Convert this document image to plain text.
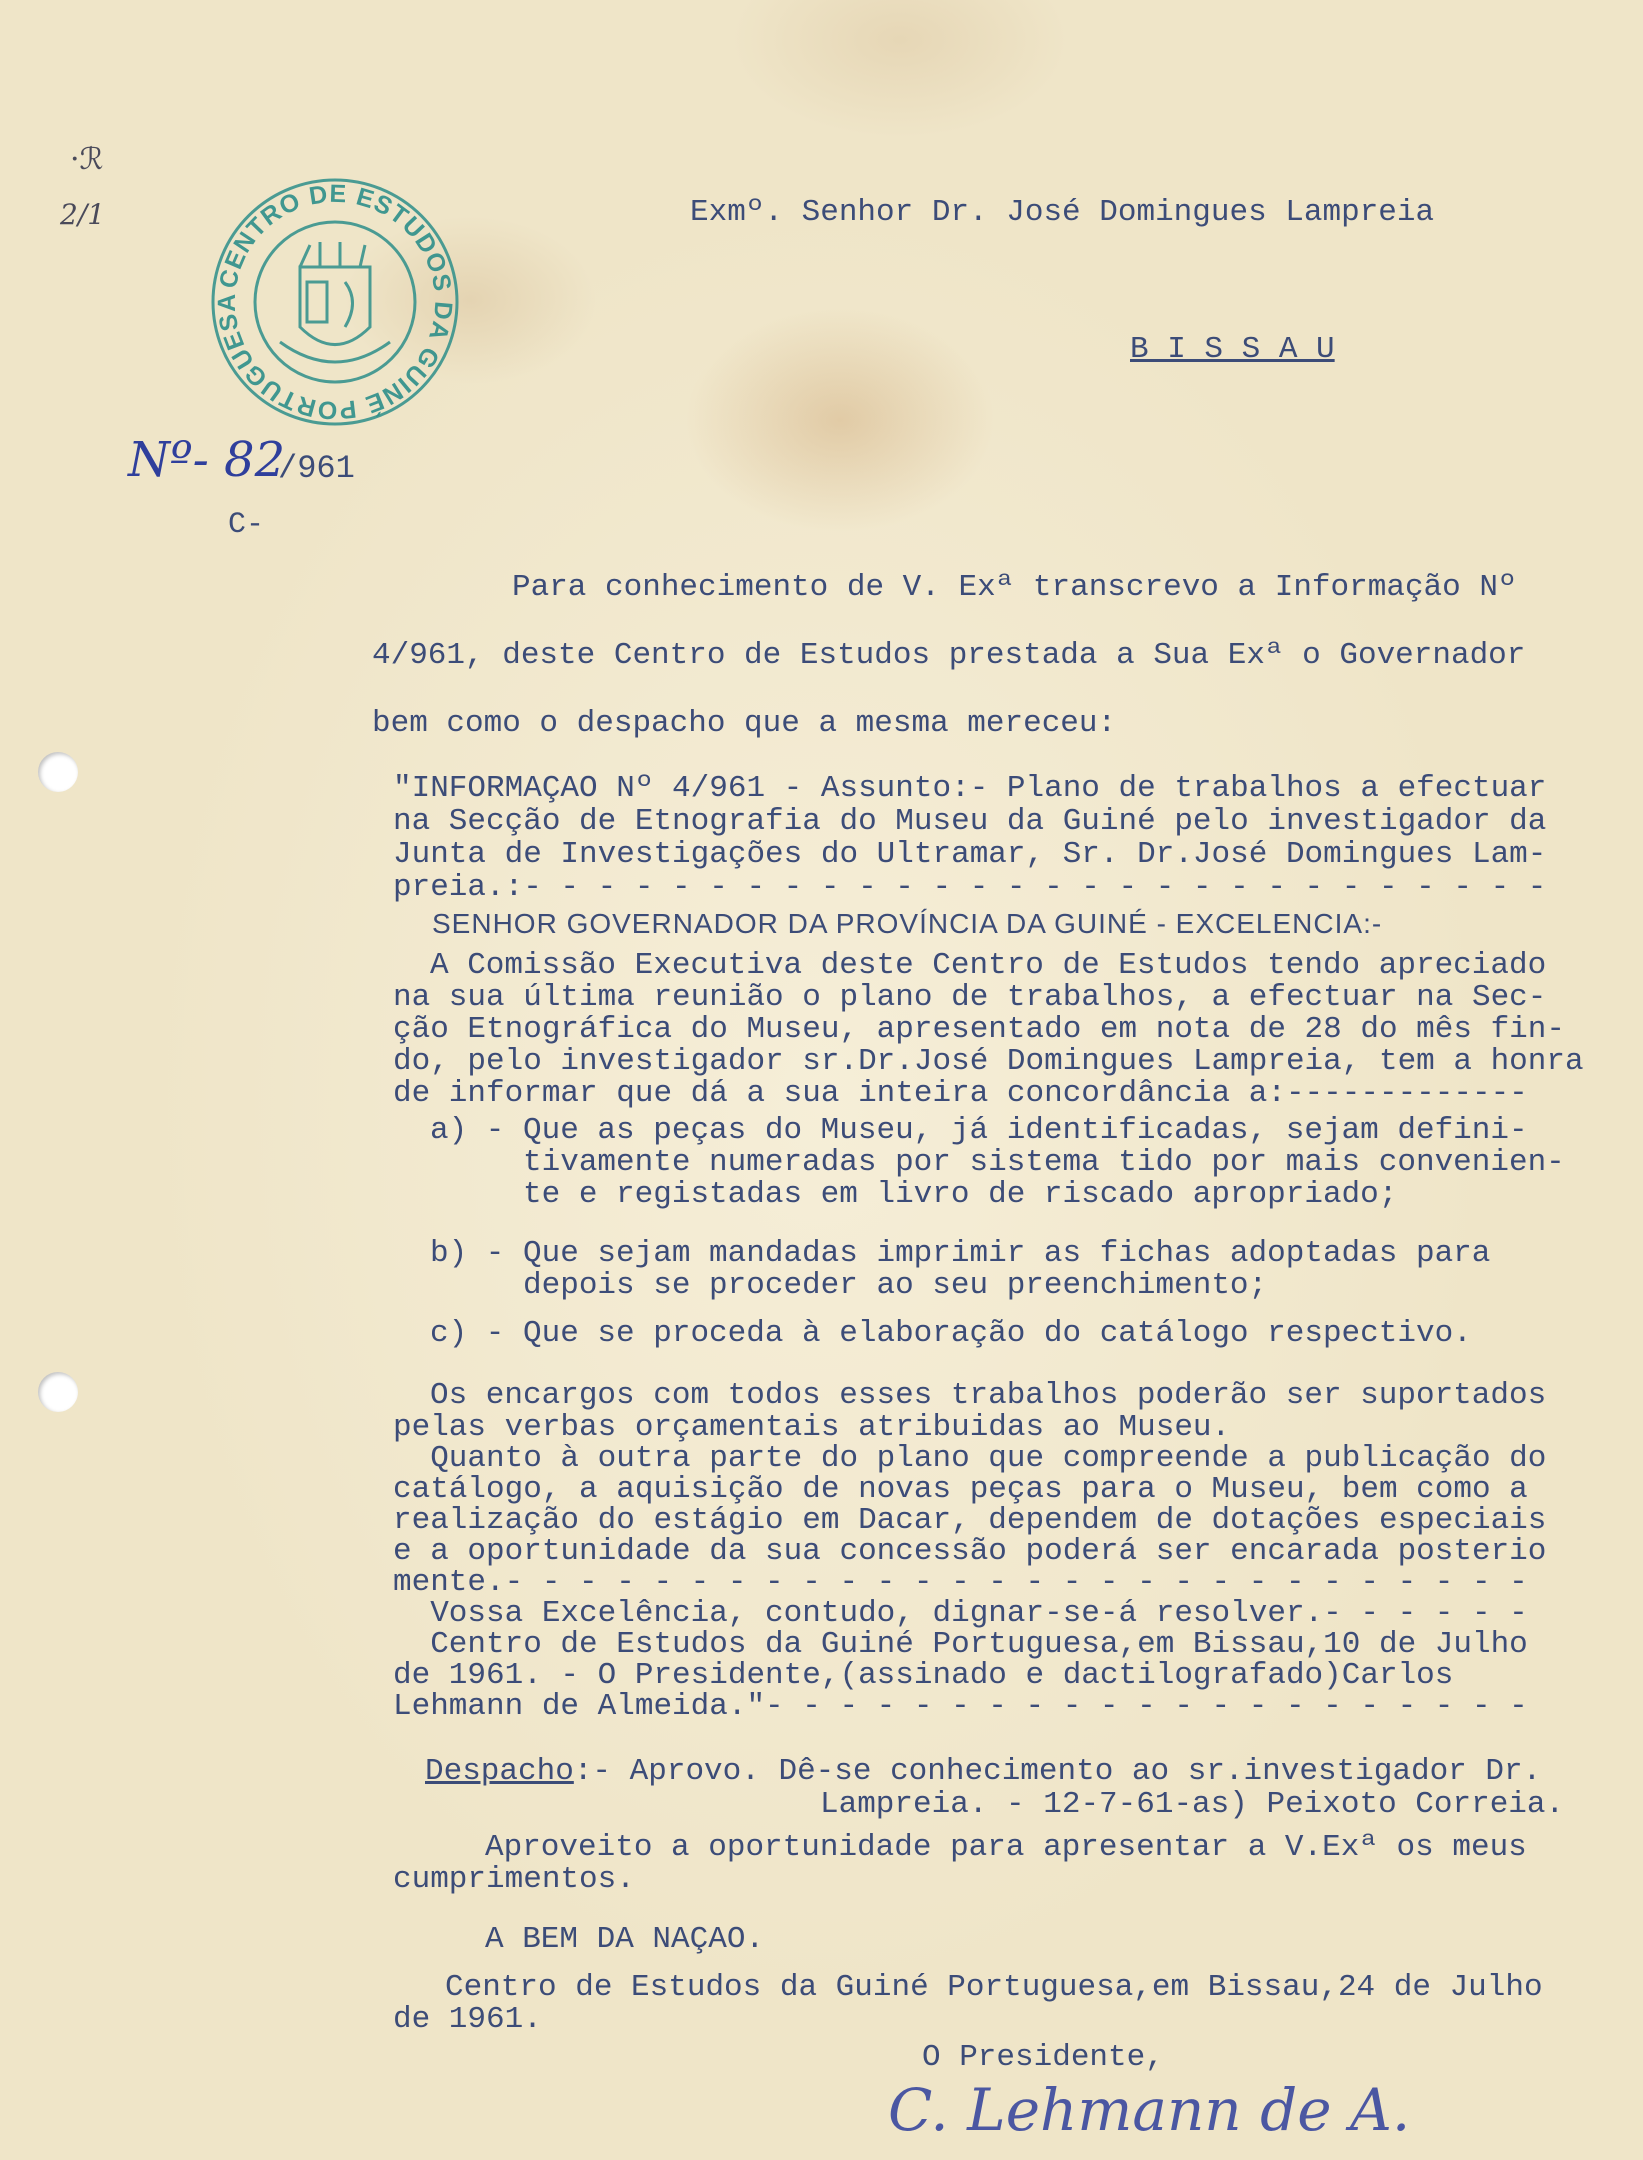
·ℛ
2/1
CENTRO DE ESTUDOS DA GUINÉ PORTUGUESA
Nº- 82
/961
C-
Exmº. Senhor Dr. José Domingues Lampreia
B I S S A U
Para conhecimento de V. Exª transcrevo a Informação Nº
4/961, deste Centro de Estudos prestada a Sua Exª o Governador
bem como o despacho que a mesma mereceu:
"INFORMAÇAO Nº 4/961 - Assunto:- Plano de trabalhos a efectuar
na Secção de Etnografia do Museu da Guiné pelo investigador da
Junta de Investigações do Ultramar, Sr. Dr.José Domingues Lam-
preia.:- - - - - - - - - - - - - - - - - - - - - - - - - - - -
SENHOR GOVERNADOR DA PROVÍNCIA DA GUINÉ - EXCELENCIA:-
A Comissão Executiva deste Centro de Estudos tendo apreciado
na sua última reunião o plano de trabalhos, a efectuar na Sec-
ção Etnográfica do Museu, apresentado em nota de 28 do mês fin-
do, pelo investigador sr.Dr.José Domingues Lampreia, tem a honra
de informar que dá a sua inteira concordância a:-------------
a) - Que as peças do Museu, já identificadas, sejam defini-
tivamente numeradas por sistema tido por mais convenien-
te e registadas em livro de riscado apropriado;
b) - Que sejam mandadas imprimir as fichas adoptadas para
depois se proceder ao seu preenchimento;
c) - Que se proceda à elaboração do catálogo respectivo.
Os encargos com todos esses trabalhos poderão ser suportados
pelas verbas orçamentais atribuidas ao Museu.
Quanto à outra parte do plano que compreende a publicação do
catálogo, a aquisição de novas peças para o Museu, bem como a
realização do estágio em Dacar, dependem de dotações especiais
e a oportunidade da sua concessão poderá ser encarada posterio
mente.- - - - - - - - - - - - - - - - - - - - - - - - - - - -
Vossa Excelência, contudo, dignar-se-á resolver.- - - - - -
Centro de Estudos da Guiné Portuguesa,em Bissau,10 de Julho
de 1961. - O Presidente,(assinado e dactilografado)Carlos
Lehmann de Almeida."- - - - - - - - - - - - - - - - - - - - -
Despacho:- Aprovo. Dê-se conhecimento ao sr.investigador Dr.
Lampreia. - 12-7-61-as) Peixoto Correia.
Aproveito a oportunidade para apresentar a V.Exª os meus
cumprimentos.
A BEM DA NAÇAO.
Centro de Estudos da Guiné Portuguesa,em Bissau,24 de Julho
de 1961.
O Presidente,
C. Lehmann de A.
